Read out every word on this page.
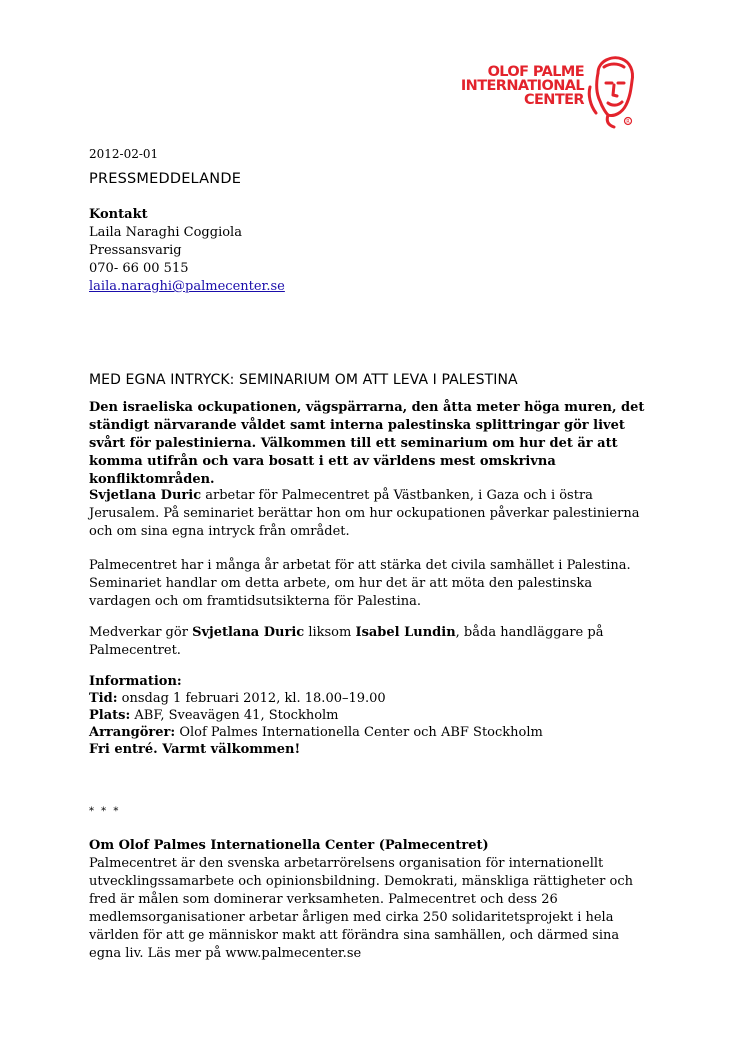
OLOF PALME
INTERNATIONAL
CENTER
R
2012-02-01
PRESSMEDDELANDE
Kontakt
Laila Naraghi Coggiola
Pressansvarig
070- 66 00 515
laila.naraghi@palmecenter.se
MED EGNA INTRYCK: SEMINARIUM OM ATT LEVA I PALESTINA
Den israeliska ockupationen, vägspärrarna, den åtta meter höga muren, det ständigt närvarande våldet samt interna palestinska splittringar gör livet svårt för palestinierna. Välkommen till ett seminarium om hur det är att komma utifrån och vara bosatt i ett av världens mest omskrivna konfliktområden.
Svjetlana Duric arbetar för Palmecentret på Västbanken, i Gaza och i östra Jerusalem. På seminariet berättar hon om hur ockupationen påverkar palestinierna och om sina egna intryck från området.
Palmecentret har i många år arbetat för att stärka det civila samhället i Palestina. Seminariet handlar om detta arbete, om hur det är att möta den palestinska vardagen och om framtidsutsikterna för Palestina.
Medverkar gör Svjetlana Duric liksom Isabel Lundin, båda handläggare på Palmecentret.
Information:
Tid: onsdag 1 februari 2012, kl. 18.00–19.00
Plats: ABF, Sveavägen 41, Stockholm
Arrangörer: Olof Palmes Internationella Center och ABF Stockholm
Fri entré. Varmt välkommen!
* * *
Om Olof Palmes Internationella Center (Palmecentret)
Palmecentret är den svenska arbetarrörelsens organisation för internationellt utvecklingssamarbete och opinionsbildning. Demokrati, mänskliga rättigheter och fred är målen som dominerar verksamheten. Palmecentret och dess 26 medlemsorganisationer arbetar årligen med cirka 250 solidaritetsprojekt i hela världen för att ge människor makt att förändra sina samhällen, och därmed sina egna liv. Läs mer på www.palmecenter.se
